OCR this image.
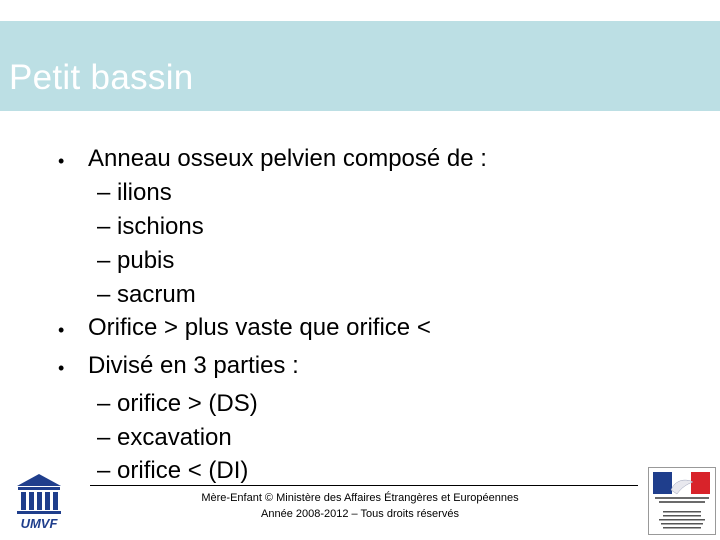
Petit bassin
• Anneau osseux pelvien composé de :
– ilions
– ischions
– pubis
– sacrum
• Orifice > plus vaste que orifice <
• Divisé en 3 parties :
– orifice > (DS)
– excavation
– orifice < (DI)
Mère-Enfant © Ministère des Affaires Étrangères et Européennes
Année 2008-2012 – Tous droits réservés
UMVF
